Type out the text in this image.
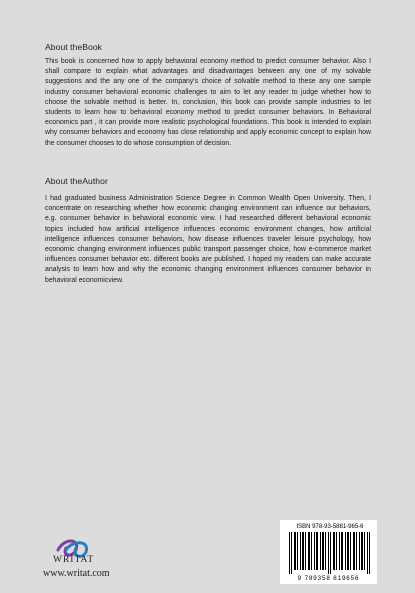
About theBook
This book is concerned how to apply behavioral economy method to predict consumer behavior. Also I shall compare to explain what advantages and disadvantages between any one of my solvable suggestions and the any one of the company's choice of solvable method to these any one sample industry consumer behavioral economic challenges to aim to let any reader to judge whether how to choose the solvable method is better. In, conclusion, this book can provide sample industries to let students to learn how to behavioral economy method to predict consumer behaviors. In Behavioral economics part , it can provide more realistic psychological foundations. This book is intended to explain why consumer behaviors and economy has close relationship and apply economic concept to explain how the consumer chooses to do whose consumption of decision.
About theAuthor
I had graduated business Administration Science Degree in Common Wealth Open University. Then, I concentrate on researching whether how economic changing environment can influence our behaviors, e.g. consumer behavior in behavioral economic view. I had researched different behavioral economic topics included how artificial intelligence influences economic environment changes, how artificial intelligence influences consumer behaviors, how disease influences traveler leisure psychology, how economic changing environment influences public transport passenger choice, how e-commerce market influences consumer behavior etc. different books are published. I hoped my readers can make accurate analysis to learn how and why the economic changing environment influences consumer behavior in behavioral economicview.
WRITAT
www.writat.com
ISBN 978-93-5881-965-6
9 789358 819656
